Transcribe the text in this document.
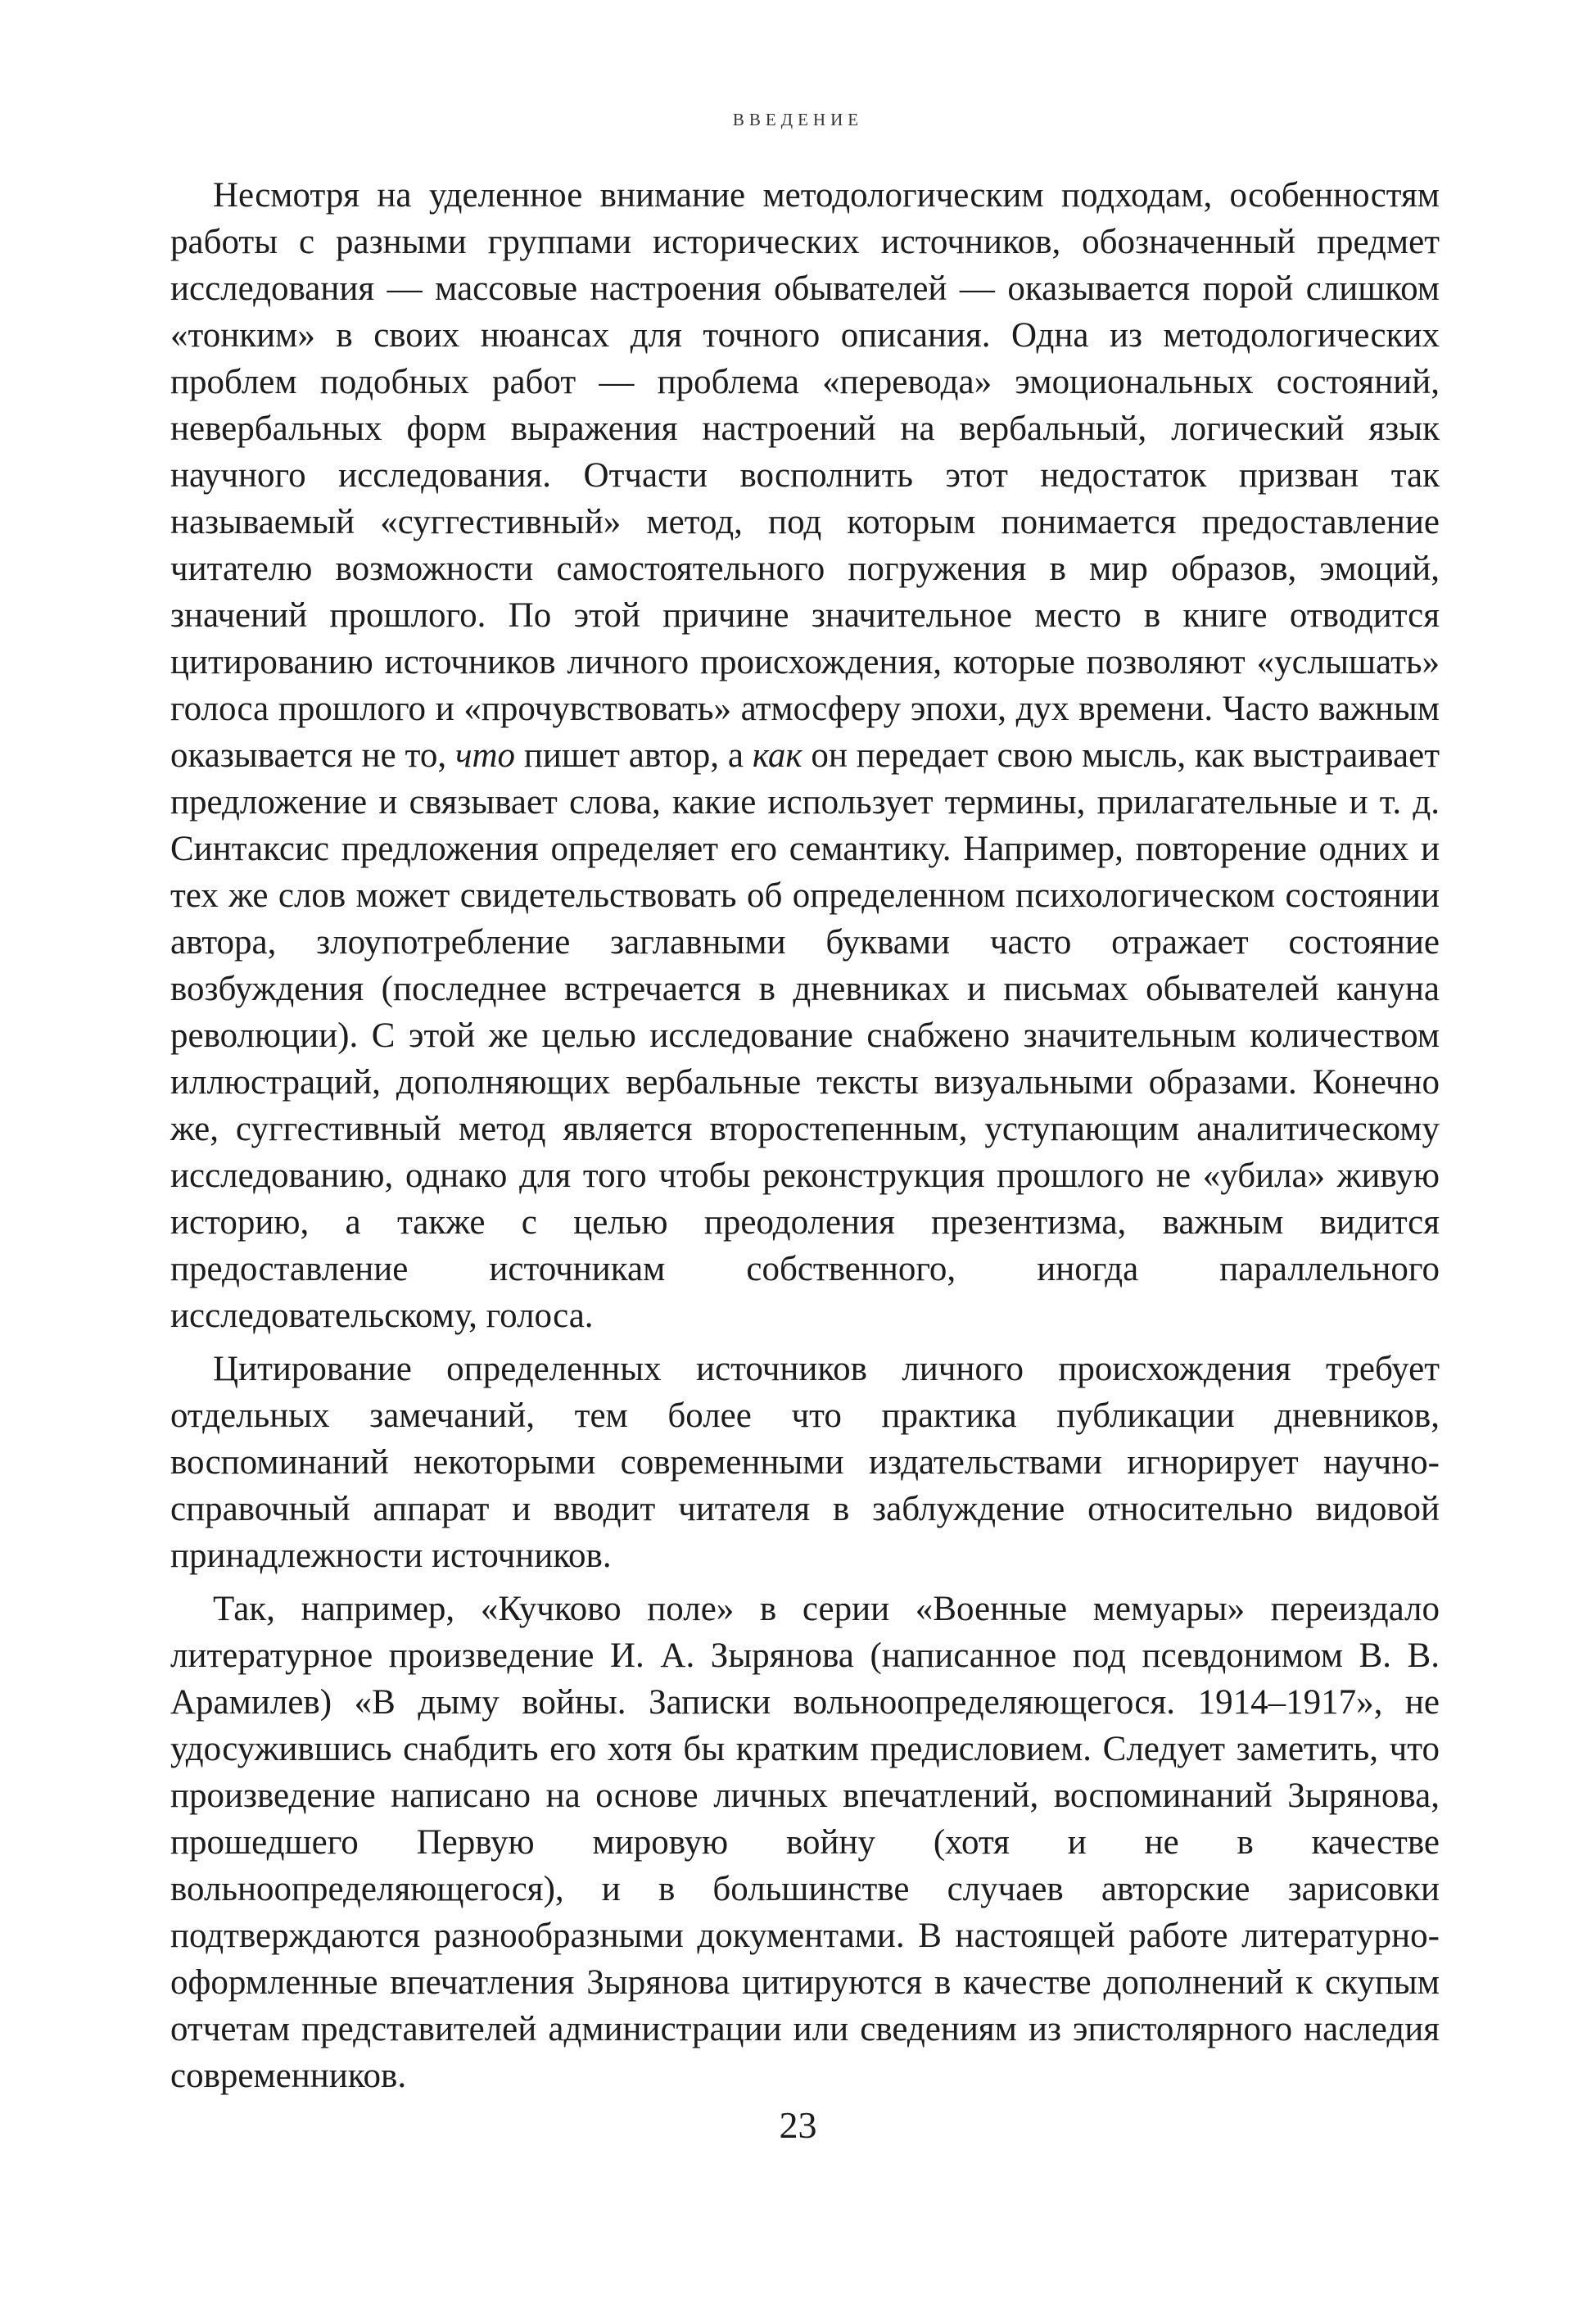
ВВЕДЕНИЕ

Несмотря на уделенное внимание методологическим подходам, особенностям работы с разными группами исторических источников, обозначенный предмет исследования — массовые настроения обывателей — оказывается порой слишком «тонким» в своих нюансах для точного описания. Одна из методологических проблем подобных работ — проблема «перевода» эмоциональных состояний, невербальных форм выражения настроений на вербальный, логический язык научного исследования. Отчасти восполнить этот недостаток призван так называемый «суггестивный» метод, под которым понимается предоставление читателю возможности самостоятельного погружения в мир образов, эмоций, значений прошлого. По этой причине значительное место в книге отводится цитированию источников личного происхождения, которые позволяют «услышать» голоса прошлого и «прочувствовать» атмосферу эпохи, дух времени. Часто важным оказывается не то, что пишет автор, а как он передает свою мысль, как выстраивает предложение и связывает слова, какие использует термины, прилагательные и т. д. Синтаксис предложения определяет его семантику. Например, повторение одних и тех же слов может свидетельствовать об определенном психологическом состоянии автора, злоупотребление заглавными буквами часто отражает состояние возбуждения (последнее встречается в дневниках и письмах обывателей кануна революции). С этой же целью исследование снабжено значительным количеством иллюстраций, дополняющих вербальные тексты визуальными образами. Конечно же, суггестивный метод является второстепенным, уступающим аналитическому исследованию, однако для того чтобы реконструкция прошлого не «убила» живую историю, а также с целью преодоления презентизма, важным видится предоставление источникам собственного, иногда параллельного исследовательскому, голоса.

Цитирование определенных источников личного происхождения требует отдельных замечаний, тем более что практика публикации дневников, воспоминаний некоторыми современными издательствами игнорирует научно-справочный аппарат и вводит читателя в заблуждение относительно видовой принадлежности источников.

Так, например, «Кучково поле» в серии «Военные мемуары» переиздало литературное произведение И. А. Зырянова (написанное под псевдонимом В. В. Арамилев) «В дыму войны. Записки вольноопределяющегося. 1914–1917», не удосужившись снабдить его хотя бы кратким предисловием. Следует заметить, что произведение написано на основе личных впечатлений, воспоминаний Зырянова, прошедшего Первую мировую войну (хотя и не в качестве вольноопределяющегося), и в большинстве случаев авторские зарисовки подтверждаются разнообразными документами. В настоящей работе литературно-оформленные впечатления Зырянова цитируются в качестве дополнений к скупым отчетам представителей администрации или сведениям из эпистолярного наследия современников.

23
